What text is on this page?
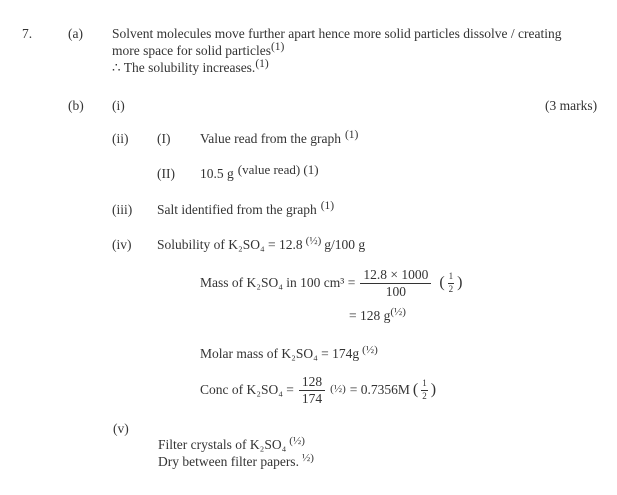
7.	(a) Solvent molecules move further apart hence more solid particles dissolve / creating
more space for solid particles(1)
∴ The solubility increases.(1)
(b) (i)	(3 marks)
(ii) (I) Value read from the graph (1)
(II) 10.5 g (value read) (1)
(iii) Salt identified from the graph (1)
(iv) Solubility of K₂SO₄ = 12.8 (½) g/100 g
Mass of K₂SO₄ in 100 $cm^3 = \frac{12.8 \times 1000}{100}$ ( $\frac{1}{2}$ )
= 128 g(½)
Molar mass of K₂SO₄ = 174g (½)
Conc of $K_2SO_4 = \frac{128}{174}$ (½) = 0.7356M ( $\frac{1}{2}$ )
(v)
Filter crystals of K₂SO₄ (½)
Dry between filter papers. ½)
